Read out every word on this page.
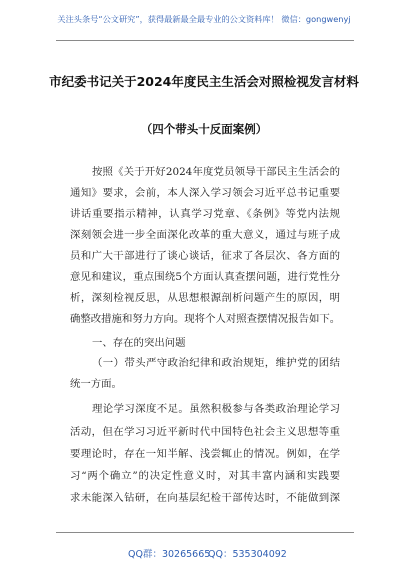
关注头条号“公文研究”，获得最新最全最专业的公文资料库！ 微信：gongwenyj
市纪委书记关于2024年度民主生活会对照检视发言材料
（四个带头十反面案例）
按照《关于开好2024年度党员领导干部民主生活会的
通知》要求，会前，本人深入学习领会习近平总书记重要
讲话重要指示精神，认真学习党章、《条例》等党内法规
深刻领会进一步全面深化改革的重大意义，通过与班子成
员和广大干部进行了谈心谈话，征求了各层次、各方面的
意见和建议，重点围绕5个方面认真查摆问题，进行党性分
析，深刻检视反思，从思想根源剖析问题产生的原因，明
确整改措施和努力方向。现将个人对照查摆情况报告如下。
一、存在的突出问题
（一）带头严守政治纪律和政治规矩，维护党的团结
统一方面。
理论学习深度不足。虽然积极参与各类政治理论学习
活动，但在学习习近平新时代中国特色社会主义思想等重
要理论时，存在一知半解、浅尝辄止的情况。例如，在学
习“两个确立”的决定性意义时，对其丰富内涵和实践要
求未能深入钻研，在向基层纪检干部传达时，不能做到深
QQ群：30265665
QQ：535304092
